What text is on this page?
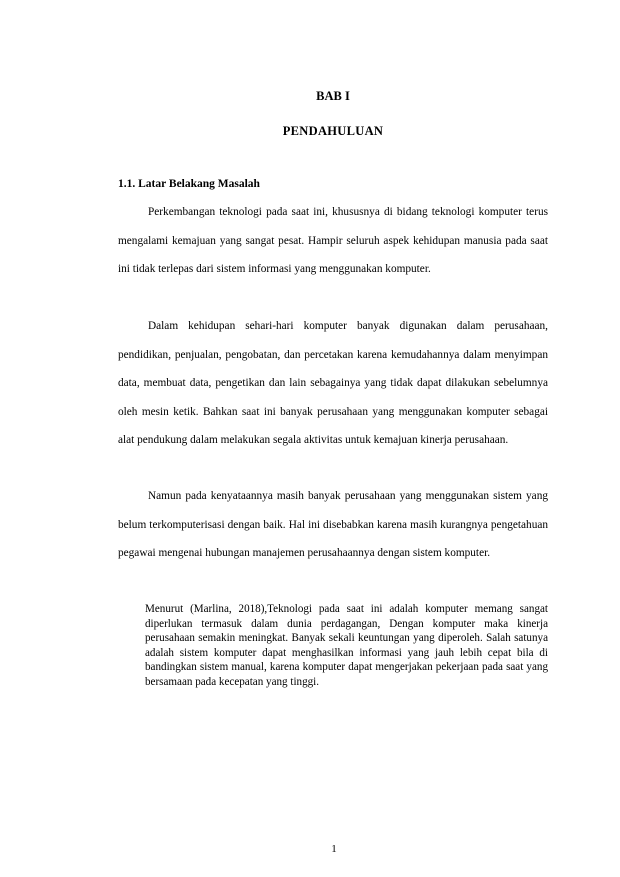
BAB I
PENDAHULUAN
1.1. Latar Belakang Masalah

Perkembangan teknologi pada saat ini, khususnya di bidang teknologi komputer terus mengalami kemajuan yang sangat pesat. Hampir seluruh aspek kehidupan manusia pada saat ini tidak terlepas dari sistem informasi yang menggunakan komputer.

Dalam kehidupan sehari-hari komputer banyak digunakan dalam perusahaan, pendidikan, penjualan, pengobatan, dan percetakan karena kemudahannya dalam menyimpan data, membuat data, pengetikan dan lain sebagainya yang tidak dapat dilakukan sebelumnya oleh mesin ketik. Bahkan saat ini banyak perusahaan yang menggunakan komputer sebagai alat pendukung dalam melakukan segala aktivitas untuk kemajuan kinerja perusahaan.

Namun pada kenyataannya masih banyak perusahaan yang menggunakan sistem yang belum terkomputerisasi dengan baik. Hal ini disebabkan karena masih kurangnya pengetahuan pegawai mengenai hubungan manajemen perusahaannya dengan sistem komputer.

Menurut (Marlina, 2018),Teknologi pada saat ini adalah komputer memang sangat diperlukan termasuk dalam dunia perdagangan, Dengan komputer maka kinerja perusahaan semakin meningkat. Banyak sekali keuntungan yang diperoleh. Salah satunya adalah sistem komputer dapat menghasilkan informasi yang jauh lebih cepat bila di bandingkan sistem manual, karena komputer dapat mengerjakan pekerjaan pada saat yang bersamaan pada kecepatan yang tinggi.

1
